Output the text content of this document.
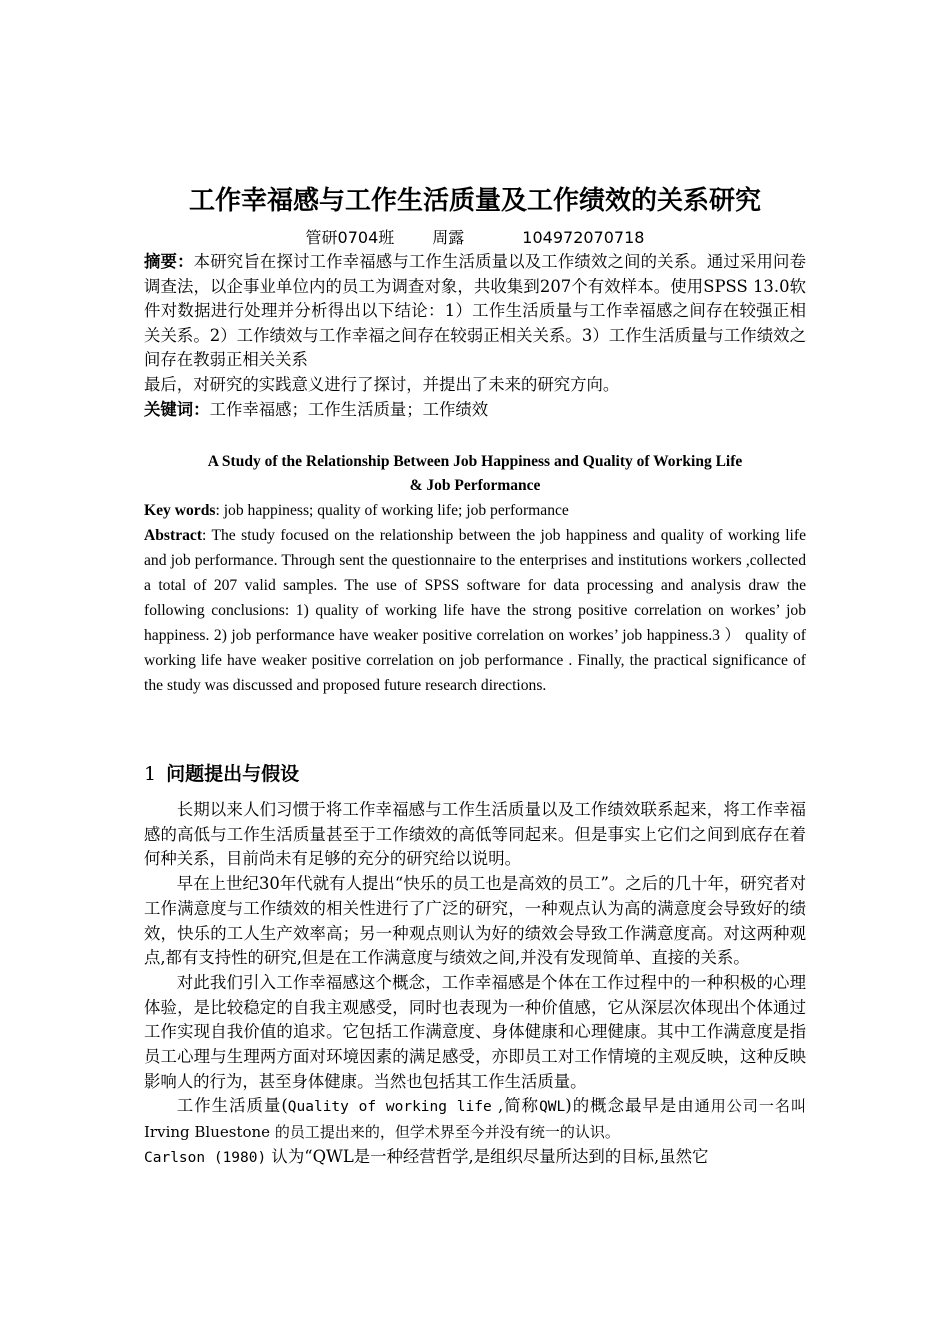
工作幸福感与工作生活质量及工作绩效的关系研究
管研0704班 周露	104972070718

摘要：本研究旨在探讨工作幸福感与工作生活质量以及工作绩效之间的关系。通过采用问卷调查法，以企事业单位内的员工为调查对象，共收集到207个有效样本。使用SPSS 13.0软件对数据进行处理并分析得出以下结论：1）工作生活质量与工作幸福感之间存在较强正相关关系。2）工作绩效与工作幸福之间存在较弱正相关关系。3）工作生活质量与工作绩效之间存在教弱正相关关系

最后，对研究的实践意义进行了探讨，并提出了未来的研究方向。

关键词：工作幸福感；工作生活质量；工作绩效

A Study of the Relationship Between Job Happiness and Quality of Working Life
& Job Performance

Key words: job happiness; quality of working life; job performance

Abstract: The study focused on the relationship between the job happiness and quality of working life and job performance. Through sent the questionnaire to the enterprises and institutions workers ,collected a total of 207 valid samples. The use of SPSS software for data processing and analysis draw the following conclusions: 1) quality of working life have the strong positive correlation on workes’ job happiness. 2) job performance have weaker positive correlation on workes’ job happiness.3 ） quality of working life have weaker positive correlation on job performance . Finally, the practical significance of the study was discussed and proposed future research directions.

1 问题提出与假设

长期以来人们习惯于将工作幸福感与工作生活质量以及工作绩效联系起来，将工作幸福感的高低与工作生活质量甚至于工作绩效的高低等同起来。但是事实上它们之间到底存在着何种关系，目前尚未有足够的充分的研究给以说明。

早在上世纪30年代就有人提出“快乐的员工也是高效的员工”。之后的几十年，研究者对工作满意度与工作绩效的相关性进行了广泛的研究，一种观点认为高的满意度会导致好的绩效，快乐的工人生产效率高；另一种观点则认为好的绩效会导致工作满意度高。对这两种观点,都有支持性的研究,但是在工作满意度与绩效之间,并没有发现简单、直接的关系。

对此我们引入工作幸福感这个概念，工作幸福感是个体在工作过程中的一种积极的心理体验，是比较稳定的自我主观感受，同时也表现为一种价值感，它从深层次体现出个体通过工作实现自我价值的追求。它包括工作满意度、身体健康和心理健康。其中工作满意度是指员工心理与生理两方面对环境因素的满足感受，亦即员工对工作情境的主观反映，这种反映影响人的行为，甚至身体健康。当然也包括其工作生活质量。

工作生活质量(Quality of working life ,简称QWL)的概念最早是由通用公司一名叫 Irving Bluestone 的员工提出来的，但学术界至今并没有统一的认识。

Carlson (1980) 认为“QWL是一种经营哲学,是组织尽量所达到的目标,虽然它
